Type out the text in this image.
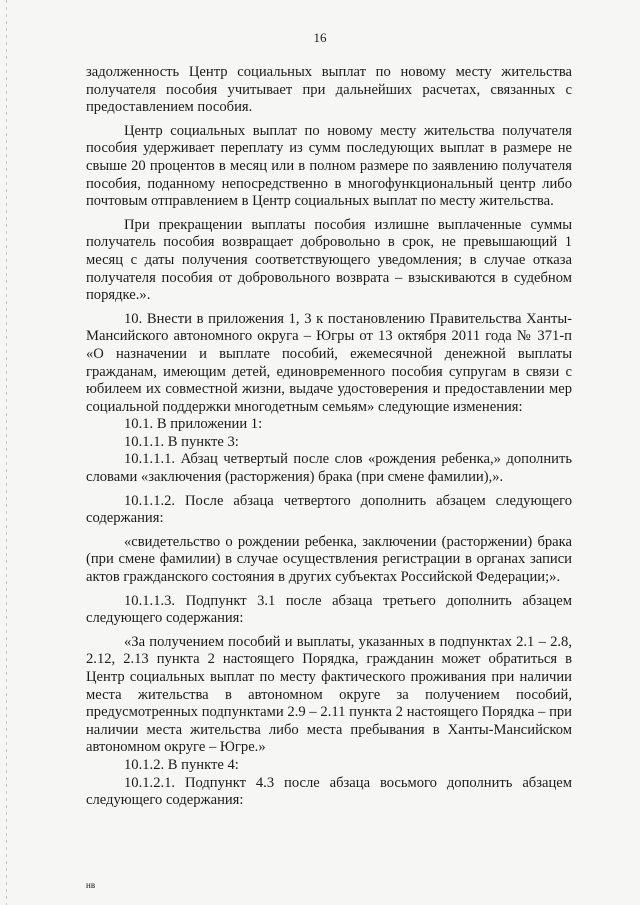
16

задолженность Центр социальных выплат по новому месту жительства получателя пособия учитывает при дальнейших расчетах, связанных с предоставлением пособия.

Центр социальных выплат по новому месту жительства получателя пособия удерживает переплату из сумм последующих выплат в размере не свыше 20 процентов в месяц или в полном размере по заявлению получателя пособия, поданному непосредственно в многофункциональный центр либо почтовым отправлением в Центр социальных выплат по месту жительства.

При прекращении выплаты пособия излишне выплаченные суммы получатель пособия возвращает добровольно в срок, не превышающий 1 месяц с даты получения соответствующего уведомления; в случае отказа получателя пособия от добровольного возврата – взыскиваются в судебном порядке.».

10. Внести в приложения 1, 3 к постановлению Правительства Ханты-Мансийского автономного округа – Югры от 13 октября 2011 года № 371-п «О назначении и выплате пособий, ежемесячной денежной выплаты гражданам, имеющим детей, единовременного пособия супругам в связи с юбилеем их совместной жизни, выдаче удостоверения и предоставлении мер социальной поддержки многодетным семьям» следующие изменения:

10.1. В приложении 1:

10.1.1. В пункте 3:

10.1.1.1. Абзац четвертый после слов «рождения ребенка,» дополнить словами «заключения (расторжения) брака (при смене фамилии),».

10.1.1.2. После абзаца четвертого дополнить абзацем следующего содержания:

«свидетельство о рождении ребенка, заключении (расторжении) брака (при смене фамилии) в случае осуществления регистрации в органах записи актов гражданского состояния в других субъектах Российской Федерации;».

10.1.1.3. Подпункт 3.1 после абзаца третьего дополнить абзацем следующего содержания:

«За получением пособий и выплаты, указанных в подпунктах 2.1 – 2.8, 2.12, 2.13 пункта 2 настоящего Порядка, гражданин может обратиться в Центр социальных выплат по месту фактического проживания при наличии места жительства в автономном округе за получением пособий, предусмотренных подпунктами 2.9 – 2.11 пункта 2 настоящего Порядка – при наличии места жительства либо места пребывания в Ханты-Мансийском автономном округе – Югре.»

10.1.2. В пункте 4:

10.1.2.1. Подпункт 4.3 после абзаца восьмого дополнить абзацем следующего содержания:

нв
